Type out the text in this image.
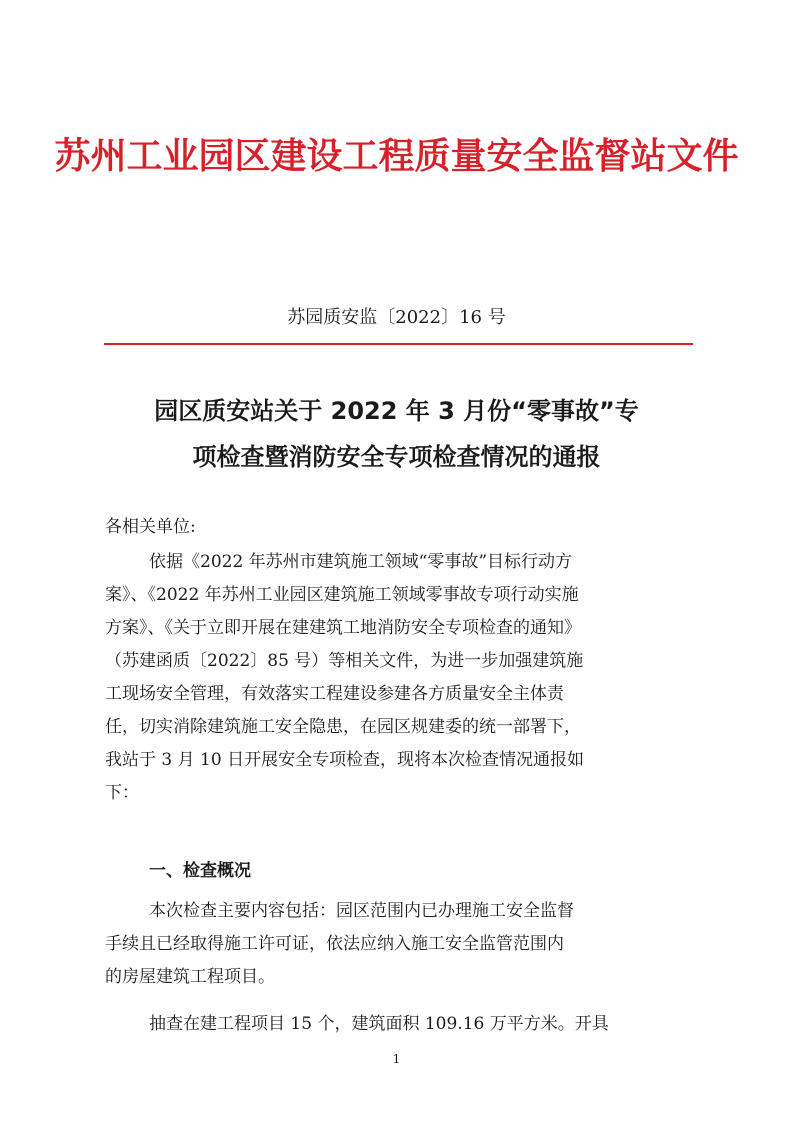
苏州工业园区建设工程质量安全监督站文件
苏园质安监〔2022〕16 号
园区质安站关于 2022 年 3 月份“零事故”专
项检查暨消防安全专项检查情况的通报
各相关单位:
依据《2022 年苏州市建筑施工领域“零事故”目标行动方
案》、《2022 年苏州工业园区建筑施工领域零事故专项行动实施
方案》、《关于立即开展在建建筑工地消防安全专项检查的通知》
（苏建函质〔2022〕85 号）等相关文件，为进一步加强建筑施
工现场安全管理，有效落实工程建设参建各方质量安全主体责
任，切实消除建筑施工安全隐患，在园区规建委的统一部署下，
我站于 3 月 10 日开展安全专项检查，现将本次检查情况通报如
下：
一、检查概况
本次检查主要内容包括：园区范围内已办理施工安全监督
手续且已经取得施工许可证，依法应纳入施工安全监管范围内
的房屋建筑工程项目。
抽查在建工程项目 15 个，建筑面积 109.16 万平方米。开具
1
